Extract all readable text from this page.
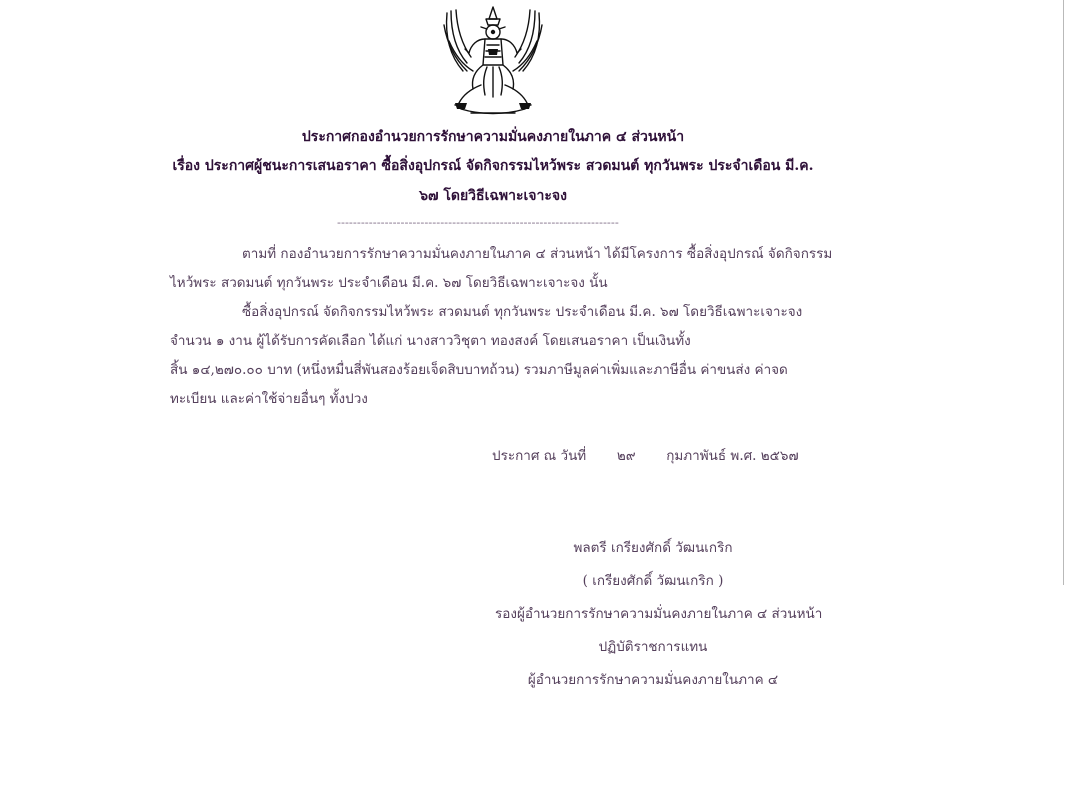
ประกาศกองอำนวยการรักษาความมั่นคงภายในภาค ๔ ส่วนหน้า
เรื่อง ประกาศผู้ชนะการเสนอราคา ซื้อสิ่งอุปกรณ์ จัดกิจกรรมไหว้พระ สวดมนต์ ทุกวันพระ ประจำเดือน มี.ค.
๖๗ โดยวิธีเฉพาะเจาะจง
-----------------------------------------------------------------------
ตามที่ กองอำนวยการรักษาความมั่นคงภายในภาค ๔ ส่วนหน้า ได้มีโครงการ ซื้อสิ่งอุปกรณ์ จัดกิจกรรม
ไหว้พระ สวดมนต์ ทุกวันพระ ประจำเดือน มี.ค. ๖๗ โดยวิธีเฉพาะเจาะจง นั้น
ซื้อสิ่งอุปกรณ์ จัดกิจกรรมไหว้พระ สวดมนต์ ทุกวันพระ ประจำเดือน มี.ค. ๖๗ โดยวิธีเฉพาะเจาะจง
จำนวน ๑ งาน ผู้ได้รับการคัดเลือก ได้แก่ นางสาววิชุตา ทองสงค์ โดยเสนอราคา เป็นเงินทั้ง
สิ้น ๑๔,๒๗๐.๐๐ บาท (หนึ่งหมื่นสี่พันสองร้อยเจ็ดสิบบาทถ้วน) รวมภาษีมูลค่าเพิ่มและภาษีอื่น ค่าขนส่ง ค่าจด
ทะเบียน และค่าใช้จ่ายอื่นๆ ทั้งปวง
ประกาศ ณ วันที่ ๒๙ กุมภาพันธ์ พ.ศ. ๒๕๖๗
พลตรี เกรียงศักดิ์ วัฒนเกริก
( เกรียงศักดิ์ วัฒนเกริก )
รองผู้อำนวยการรักษาความมั่นคงภายในภาค ๔ ส่วนหน้า
ปฏิบัติราชการแทน
ผู้อำนวยการรักษาความมั่นคงภายในภาค ๔
